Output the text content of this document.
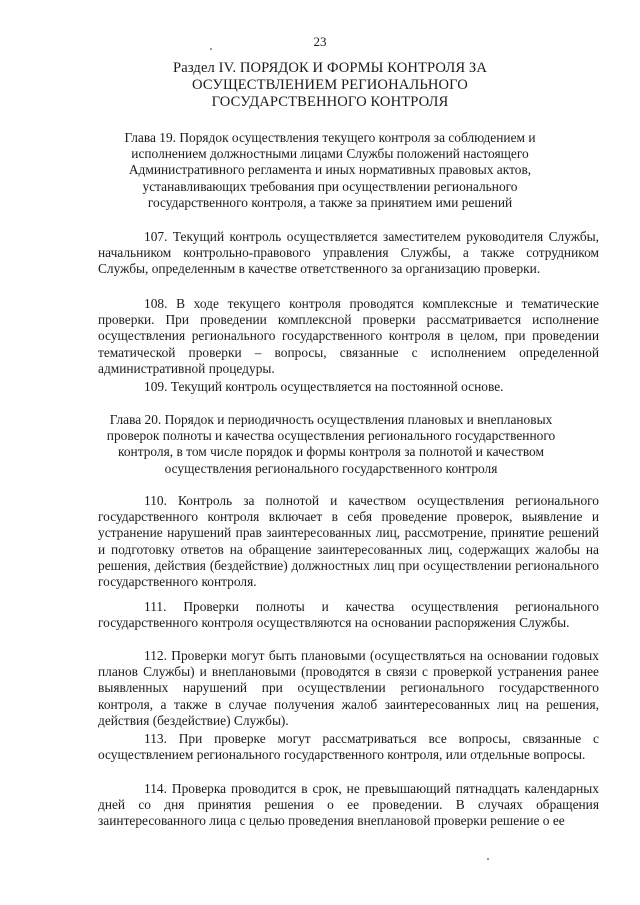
23
Раздел IV. ПОРЯДОК И ФОРМЫ КОНТРОЛЯ ЗА ОСУЩЕСТВЛЕНИЕМ РЕГИОНАЛЬНОГО ГОСУДАРСТВЕННОГО КОНТРОЛЯ
Глава 19. Порядок осуществления текущего контроля за соблюдением и исполнением должностными лицами Службы положений настоящего Административного регламента и иных нормативных правовых актов, устанавливающих требования при осуществлении регионального государственного контроля, а также за принятием ими решений
107. Текущий контроль осуществляется заместителем руководителя Службы, начальником контрольно-правового управления Службы, а также сотрудником Службы, определенным в качестве ответственного за организацию проверки.
108. В ходе текущего контроля проводятся комплексные и тематические проверки. При проведении комплексной проверки рассматривается исполнение осуществления регионального государственного контроля в целом, при проведении тематической проверки – вопросы, связанные с исполнением определенной административной процедуры.
109. Текущий контроль осуществляется на постоянной основе.
Глава 20. Порядок и периодичность осуществления плановых и внеплановых проверок полноты и качества осуществления регионального государственного контроля, в том числе порядок и формы контроля за полнотой и качеством осуществления регионального государственного контроля
110. Контроль за полнотой и качеством осуществления регионального государственного контроля включает в себя проведение проверок, выявление и устранение нарушений прав заинтересованных лиц, рассмотрение, принятие решений и подготовку ответов на обращение заинтересованных лиц, содержащих жалобы на решения, действия (бездействие) должностных лиц при осуществлении регионального государственного контроля.
111. Проверки полноты и качества осуществления регионального государственного контроля осуществляются на основании распоряжения Службы.
112. Проверки могут быть плановыми (осуществляться на основании годовых планов Службы) и внеплановыми (проводятся в связи с проверкой устранения ранее выявленных нарушений при осуществлении регионального государственного контроля, а также в случае получения жалоб заинтересованных лиц на решения, действия (бездействие) Службы).
113. При проверке могут рассматриваться все вопросы, связанные с осуществлением регионального государственного контроля, или отдельные вопросы.
114. Проверка проводится в срок, не превышающий пятнадцать календарных дней со дня принятия решения о ее проведении. В случаях обращения заинтересованного лица с целью проведения внеплановой проверки решение о ее
